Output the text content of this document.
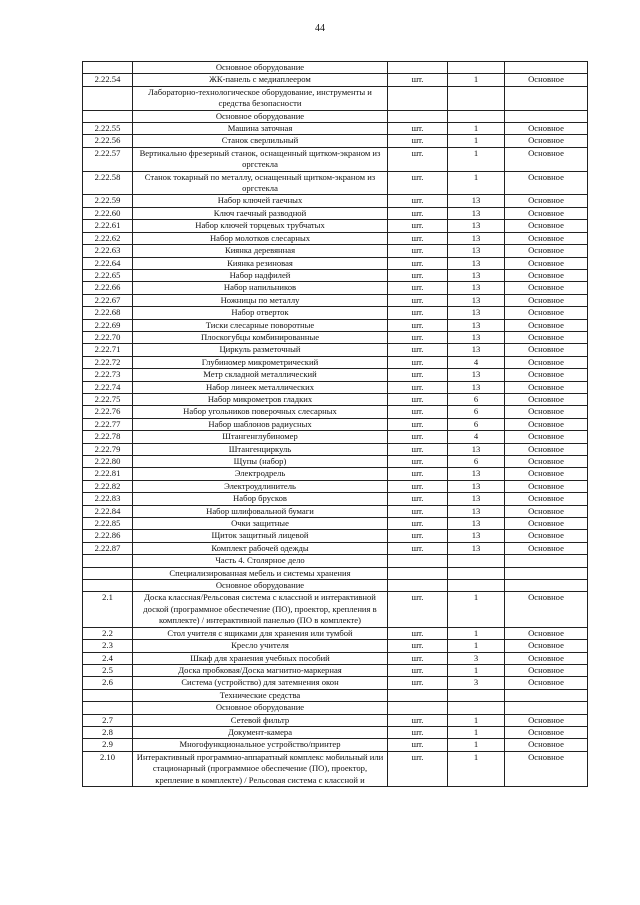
44
	Основное оборудование			
2.22.54	ЖК-панель с медиаплеером	шт.	1	Основное
	Лабораторно-технологическое оборудование, инструменты и средства безопасности			
	Основное оборудование			
2.22.55	Машина заточная	шт.	1	Основное
2.22.56	Станок сверлильный	шт.	1	Основное
2.22.57	Вертикально фрезерный станок, оснащенный щитком-экраном из оргстекла	шт.	1	Основное
2.22.58	Станок токарный по металлу, оснащенный щитком-экраном из оргстекла	шт.	1	Основное
2.22.59	Набор ключей гаечных	шт.	13	Основное
2.22.60	Ключ гаечный разводной	шт.	13	Основное
2.22.61	Набор ключей торцевых трубчатых	шт.	13	Основное
2.22.62	Набор молотков слесарных	шт.	13	Основное
2.22.63	Киянка деревянная	шт.	13	Основное
2.22.64	Киянка резиновая	шт.	13	Основное
2.22.65	Набор надфилей	шт.	13	Основное
2.22.66	Набор напильников	шт.	13	Основное
2.22.67	Ножницы по металлу	шт.	13	Основное
2.22.68	Набор отверток	шт.	13	Основное
2.22.69	Тиски слесарные поворотные	шт.	13	Основное
2.22.70	Плоскогубцы комбинированные	шт.	13	Основное
2.22.71	Циркуль разметочный	шт.	13	Основное
2.22.72	Глубиномер микрометрический	шт.	4	Основное
2.22.73	Метр складной металлический	шт.	13	Основное
2.22.74	Набор линеек металлических	шт.	13	Основное
2.22.75	Набор микрометров гладких	шт.	6	Основное
2.22.76	Набор угольников поверочных слесарных	шт.	6	Основное
2.22.77	Набор шаблонов радиусных	шт.	6	Основное
2.22.78	Штангенглубиномер	шт.	4	Основное
2.22.79	Штангенциркуль	шт.	13	Основное
2.22.80	Щупы (набор)	шт.	6	Основное
2.22.81	Электродрель	шт.	13	Основное
2.22.82	Электроудлинитель	шт.	13	Основное
2.22.83	Набор брусков	шт.	13	Основное
2.22.84	Набор шлифовальной бумаги	шт.	13	Основное
2.22.85	Очки защитные	шт.	13	Основное
2.22.86	Щиток защитный лицевой	шт.	13	Основное
2.22.87	Комплект рабочей одежды	шт.	13	Основное
	Часть 4. Столярное дело			
	Специализированная мебель и системы хранения			
	Основное оборудование			
2.1	Доска классная/Рельсовая система с классной и интерактивной доской (программное обеспечение (ПО), проектор, крепления в комплекте) / интерактивной панелью (ПО в комплекте)	шт.	1	Основное
2.2	Стол учителя с ящиками для хранения или тумбой	шт.	1	Основное
2.3	Кресло учителя	шт.	1	Основное
2.4	Шкаф для хранения учебных пособий	шт.	3	Основное
2.5	Доска пробковая/Доска магнитно-маркерная	шт.	1	Основное
2.6	Система (устройство) для затемнения окон	шт.	3	Основное
	Технические средства			
	Основное оборудование			
2.7	Сетевой фильтр	шт.	1	Основное
2.8	Документ-камера	шт.	1	Основное
2.9	Многофункциональное устройство/принтер	шт.	1	Основное
2.10	Интерактивный программно-аппаратный комплекс мобильный или стационарный (программное обеспечение (ПО), проектор, крепление в комплекте) / Рельсовая система с классной и	шт.	1	Основное
